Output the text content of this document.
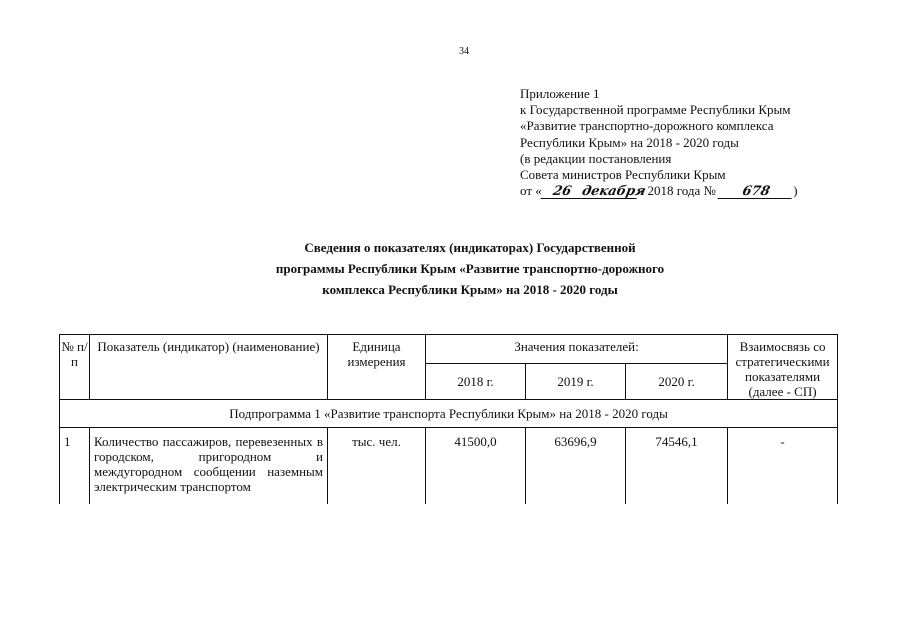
34
Приложение 1
к Государственной программе Республики Крым
«Развитие транспортно-дорожного комплекса
Республики Крым» на 2018 - 2020 годы
(в редакции постановления
Совета министров Республики Крым
от « 26 декабря» 2018 года № 678 )
Сведения о показателях (индикаторах) Государственной
программы Республики Крым «Развитие транспортно-дорожного
комплекса Республики Крым» на 2018 - 2020 годы
№ п/п	Показатель (индикатор) (наименование)	Единица измерения	Значения показателей:			Взаимосвязь со стратегическими показателями (далее - СП)
			2018 г.	2019 г.	2020 г.	
Подпрограмма 1 «Развитие транспорта Республики Крым» на 2018 - 2020 годы						
1	Количество пассажиров, перевезенных в городском, пригородном и междугородном сообщении наземным электрическим транспортом	тыс. чел.	41500,0	63696,9	74546,1	-
